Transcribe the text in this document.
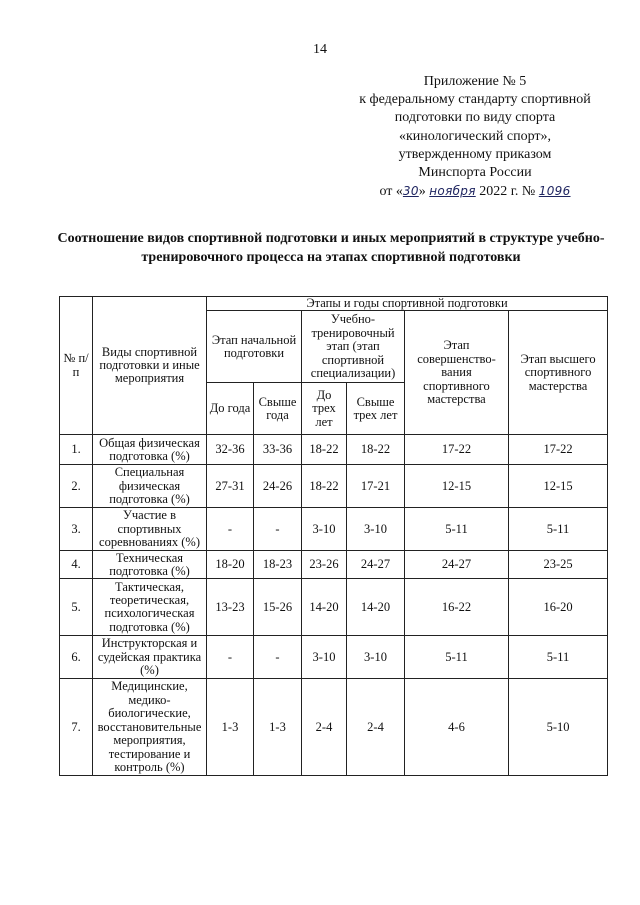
14
Приложение № 5
к федеральному стандарту спортивной
подготовки по виду спорта
«кинологический спорт»,
утвержденному приказом
Минспорта России
от «30» ноября 2022 г. № 1096
Соотношение видов спортивной подготовки и иных мероприятий в структуре учебно-тренировочного процесса на этапах спортивной подготовки
№ п/п	Виды спортивной подготовки и иные мероприятия	Этапы и годы спортивной подготовки					
		Этап начальной подготовки		Учебно-тренировочный этап (этап спортивной специализации)		Этап совершенство-вания спортивного мастерства	Этап высшего спортивного мастерства
		До года	Свыше года	До трех лет	Свыше трех лет		
1.	Общая физическая подготовка (%)	32-36	33-36	18-22	18-22	17-22	17-22
2.	Специальная физическая подготовка (%)	27-31	24-26	18-22	17-21	12-15	12-15
3.	Участие в спортивных соревнованиях (%)	-	-	3-10	3-10	5-11	5-11
4.	Техническая подготовка (%)	18-20	18-23	23-26	24-27	24-27	23-25
5.	Тактическая, теоретическая, психологическая подготовка (%)	13-23	15-26	14-20	14-20	16-22	16-20
6.	Инструкторская и судейская практика (%)	-	-	3-10	3-10	5-11	5-11
7.	Медицинские, медико-биологические, восстановительные мероприятия, тестирование и контроль (%)	1-3	1-3	2-4	2-4	4-6	5-10
